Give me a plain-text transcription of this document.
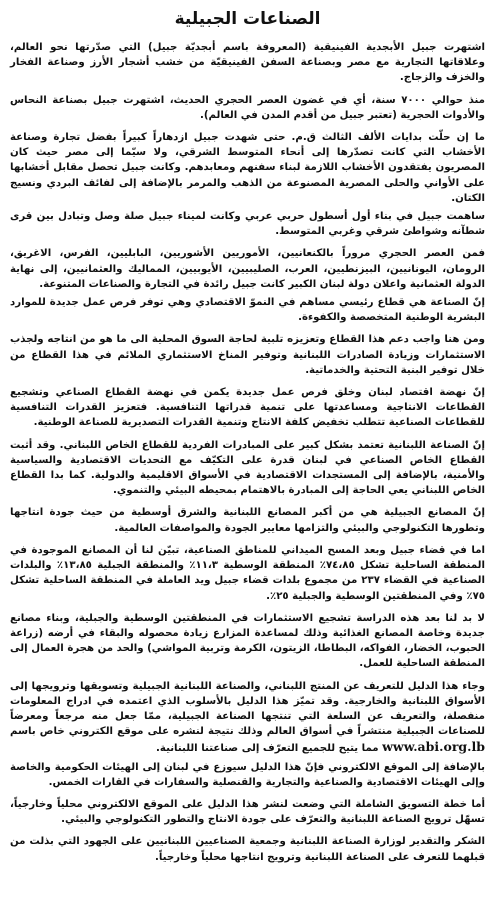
الصناعات الجبيلية

اشتهرت جبيل الأبجدية الفينيقية (المعروفة باسم أبجديّة جبيل) التي صدّرتها نحو العالم، وعلاقاتها التجارية مع مصر وبصناعة السفن الفينيقيّة من خشب أشجار الأرز وصناعة الفخار والخزف والزجاج.

منذ حوالي ٧٠٠٠ سنة، أي في غضون العصر الحجري الحديث، اشتهرت جبيل بصناعة النحاس والأدوات الحجرية (تعتبر جبيل من أقدم المدن في العالم).

ما إن حلّت بدايات الألف الثالث ق.م. حتى شهدت جبيل ازدهاراً كبيراً بفضل تجارة وصناعة الأخشاب التي كانت تصدّرها إلى أنحاء المتوسط الشرقي، ولا سيّما إلى مصر حيث كان المصريون يفتقدون الأخشاب اللازمة لبناء سفنهم ومعابدهم. وكانت جبيل تحصل مقابل أخشابها على الأواني والحلى المصرية المصنوعة من الذهب والمرمر بالإضافة إلى لفائف البردي ونسيج الكتان.

ساهمت جبيل في بناء أول أسطول حربي عربي وكانت لميناء جبيل صلة وصل وتبادل بين قرى شطآنه وشواطئ شرقي وغربي المتوسط.

فمن العصر الحجري مروراً بالكنعانيين، الأموريين الأشوريين، البابليين، الفرس، الاغريق، الرومان، اليونانيين، البيزنطيين، العرب، الصليبيين، الأيوبيين، المماليك والعثمانيين، إلى نهاية الدولة العثمانية واعلان دولة لبنان الكبير كانت جبيل رائدة في التجارة والصناعات المتنوعة.

إنّ الصناعة هي قطاع رئيسي مساهم في النموّ الاقتصادي وهي توفر فرص عمل جديدة للموارد البشرية الوطنية المتخصصة والكفوءة.

ومن هنا واجب دعم هذا القطاع وتعزيزه تلبية لحاجة السوق المحلية الى ما هو من انتاجه ولجذب الاستثمارات وزيادة الصادرات اللبنانية وتوفير المناخ الاستثماري الملائم في هذا القطاع من خلال توفير البنية التحتية والخدماتية.

إنّ نهضة اقتصاد لبنان وخلق فرص عمل جديدة يكمن في نهضة القطاع الصناعي وتشجيع القطاعات الانتاجية ومساعدتها على تنمية قدراتها التنافسية. فتعزيز القدرات التنافسية للقطاعات الصناعية تتطلب تخفيض كلفة الانتاج وتنمية القدرات التصديرية للصناعة الوطنية.

إنّ الصناعة اللبنانية تعتمد بشكل كبير على المبادرات الفردية للقطاع الخاص اللبناني. وقد أثبت القطاع الخاص الصناعي في لبنان قدرة على التكيّف مع التحديات الاقتصادية والسياسية والأمنية، بالإضافة إلى المستجدات الاقتصادية في الأسواق الاقليمية والدولية. كما بدا القطاع الخاص اللبناني يعي الحاجة إلى المبادرة بالاهتمام بمحيطه البيئي والتنموي.

إنّ المصانع الجبيلية هي من أكبر المصانع اللبنانية والشرق أوسطية من حيث جودة انتاجها وتطورها التكنولوجي والبيئي والتزامها معايير الجودة والمواصفات العالمية.

اما في قضاء جبيل وبعد المسح الميداني للمناطق الصناعية، تبيّن لنا أن المصانع الموجودة في المنطقة الساحلية تشكل ٧٤،٨٥٪ المنطقة الوسطية ١١،٣٪ والمنطقة الجبلية ١٣،٨٥٪ والبلدات الصناعية في القضاء ٢٣٧ من مجموع بلدات قضاء جبيل ويد العاملة في المنطقة الساحلية تشكل ٧٥٪ وفي المنطقتين الوسطية والجبلية ٢٥٪.

لا بد لنا بعد هذه الدراسة تشجيع الاستثمارات في المنطقتين الوسطية والجبلية، وبناء مصانع جديدة وخاصة المصانع الغذائية وذلك لمساعدة المزارع زيادة محصوله والبقاء في أرضه (زراعة الحبوب، الخضار، الفواكه، البطاطا، الزيتون، الكرمة وتربية المواشي) والحد من هجرة العمال إلى المنطقة الساحلية للعمل.

وجاء هذا الدليل للتعريف عن المنتج اللبناني، والصناعة اللبنانية الجبيلية وتسويقها وترويجها إلى الأسواق اللبنانية والخارجية. وقد تميّز هذا الدليل بالأسلوب الذي اعتمده في ادراج المعلومات منفصلة، والتعريف عن السلعة التي تنتجها الصناعة الجبيلية، ممّا جعل منه مرجعاً ومعرضاً للصناعات الجبيلية منتشراً في أسواق العالم وذلك نتيجة لنشره على موقع الكتروني خاص باسم www.abi.org.lb مما يتيح للجميع التعرّف إلى صناعتنا اللبنانية.

بالإضافة إلى الموقع الالكتروني فإنّ هذا الدليل سيوزع في لبنان إلى الهيئات الحكومية والخاصة وإلى الهيئات الاقتصادية والصناعية والتجارية والقنصلية والسفارات في القارات الخمس.

أما خطة التسويق الشاملة التي وضعت لنشر هذا الدليل على الموقع الالكتروني محلياً وخارجياً، تسهّل ترويج الصناعة اللبنانية والتعرّف على جودة الانتاج والتطور التكنولوجي والبيئي.

الشكر والتقدير لوزارة الصناعة اللبنانية وجمعية الصناعيين اللبنانيين على الجهود التي بذلت من قبلهما للتعرف على الصناعة اللبنانية وترويج انتاجها محلياً وخارجياً.
